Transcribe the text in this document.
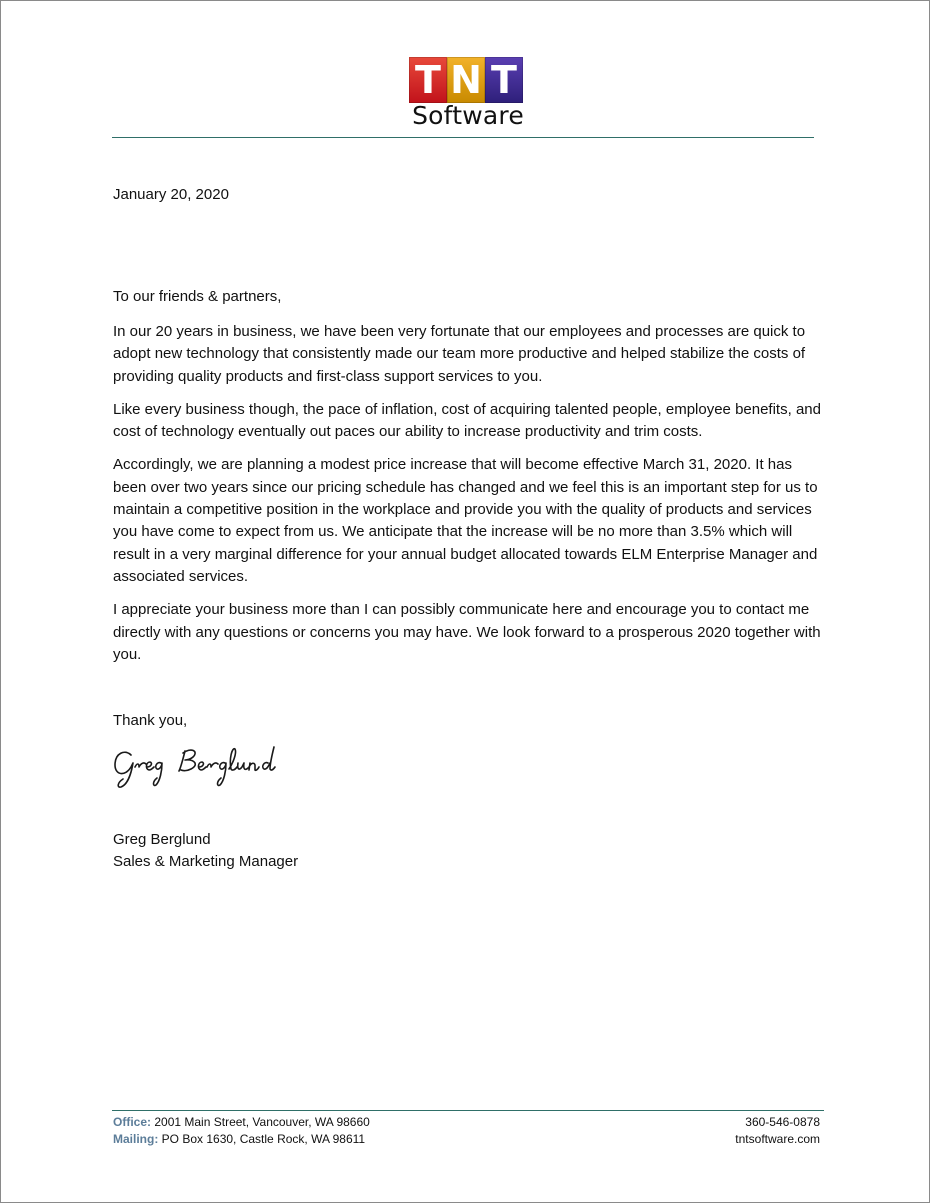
T N T
Software
January 20, 2020
To our friends & partners,

In our 20 years in business, we have been very fortunate that our employees and processes are quick to adopt new technology that consistently made our team more productive and helped stabilize the costs of providing quality products and first-class support services to you.

Like every business though, the pace of inflation, cost of acquiring talented people, employee benefits, and cost of technology eventually out paces our ability to increase productivity and trim costs.

Accordingly, we are planning a modest price increase that will become effective March 31, 2020. It has been over two years since our pricing schedule has changed and we feel this is an important step for us to maintain a competitive position in the workplace and provide you with the quality of products and services you have come to expect from us. We anticipate that the increase will be no more than 3.5% which will result in a very marginal difference for your annual budget allocated towards ELM Enterprise Manager and associated services.

I appreciate your business more than I can possibly communicate here and encourage you to contact me directly with any questions or concerns you may have. We look forward to a prosperous 2020 together with you.

Thank you,
Greg Berglund
Sales & Marketing Manager
Office: 2001 Main Street, Vancouver, WA 98660
Mailing: PO Box 1630, Castle Rock, WA 98611
360-546-0878
tntsoftware.com
